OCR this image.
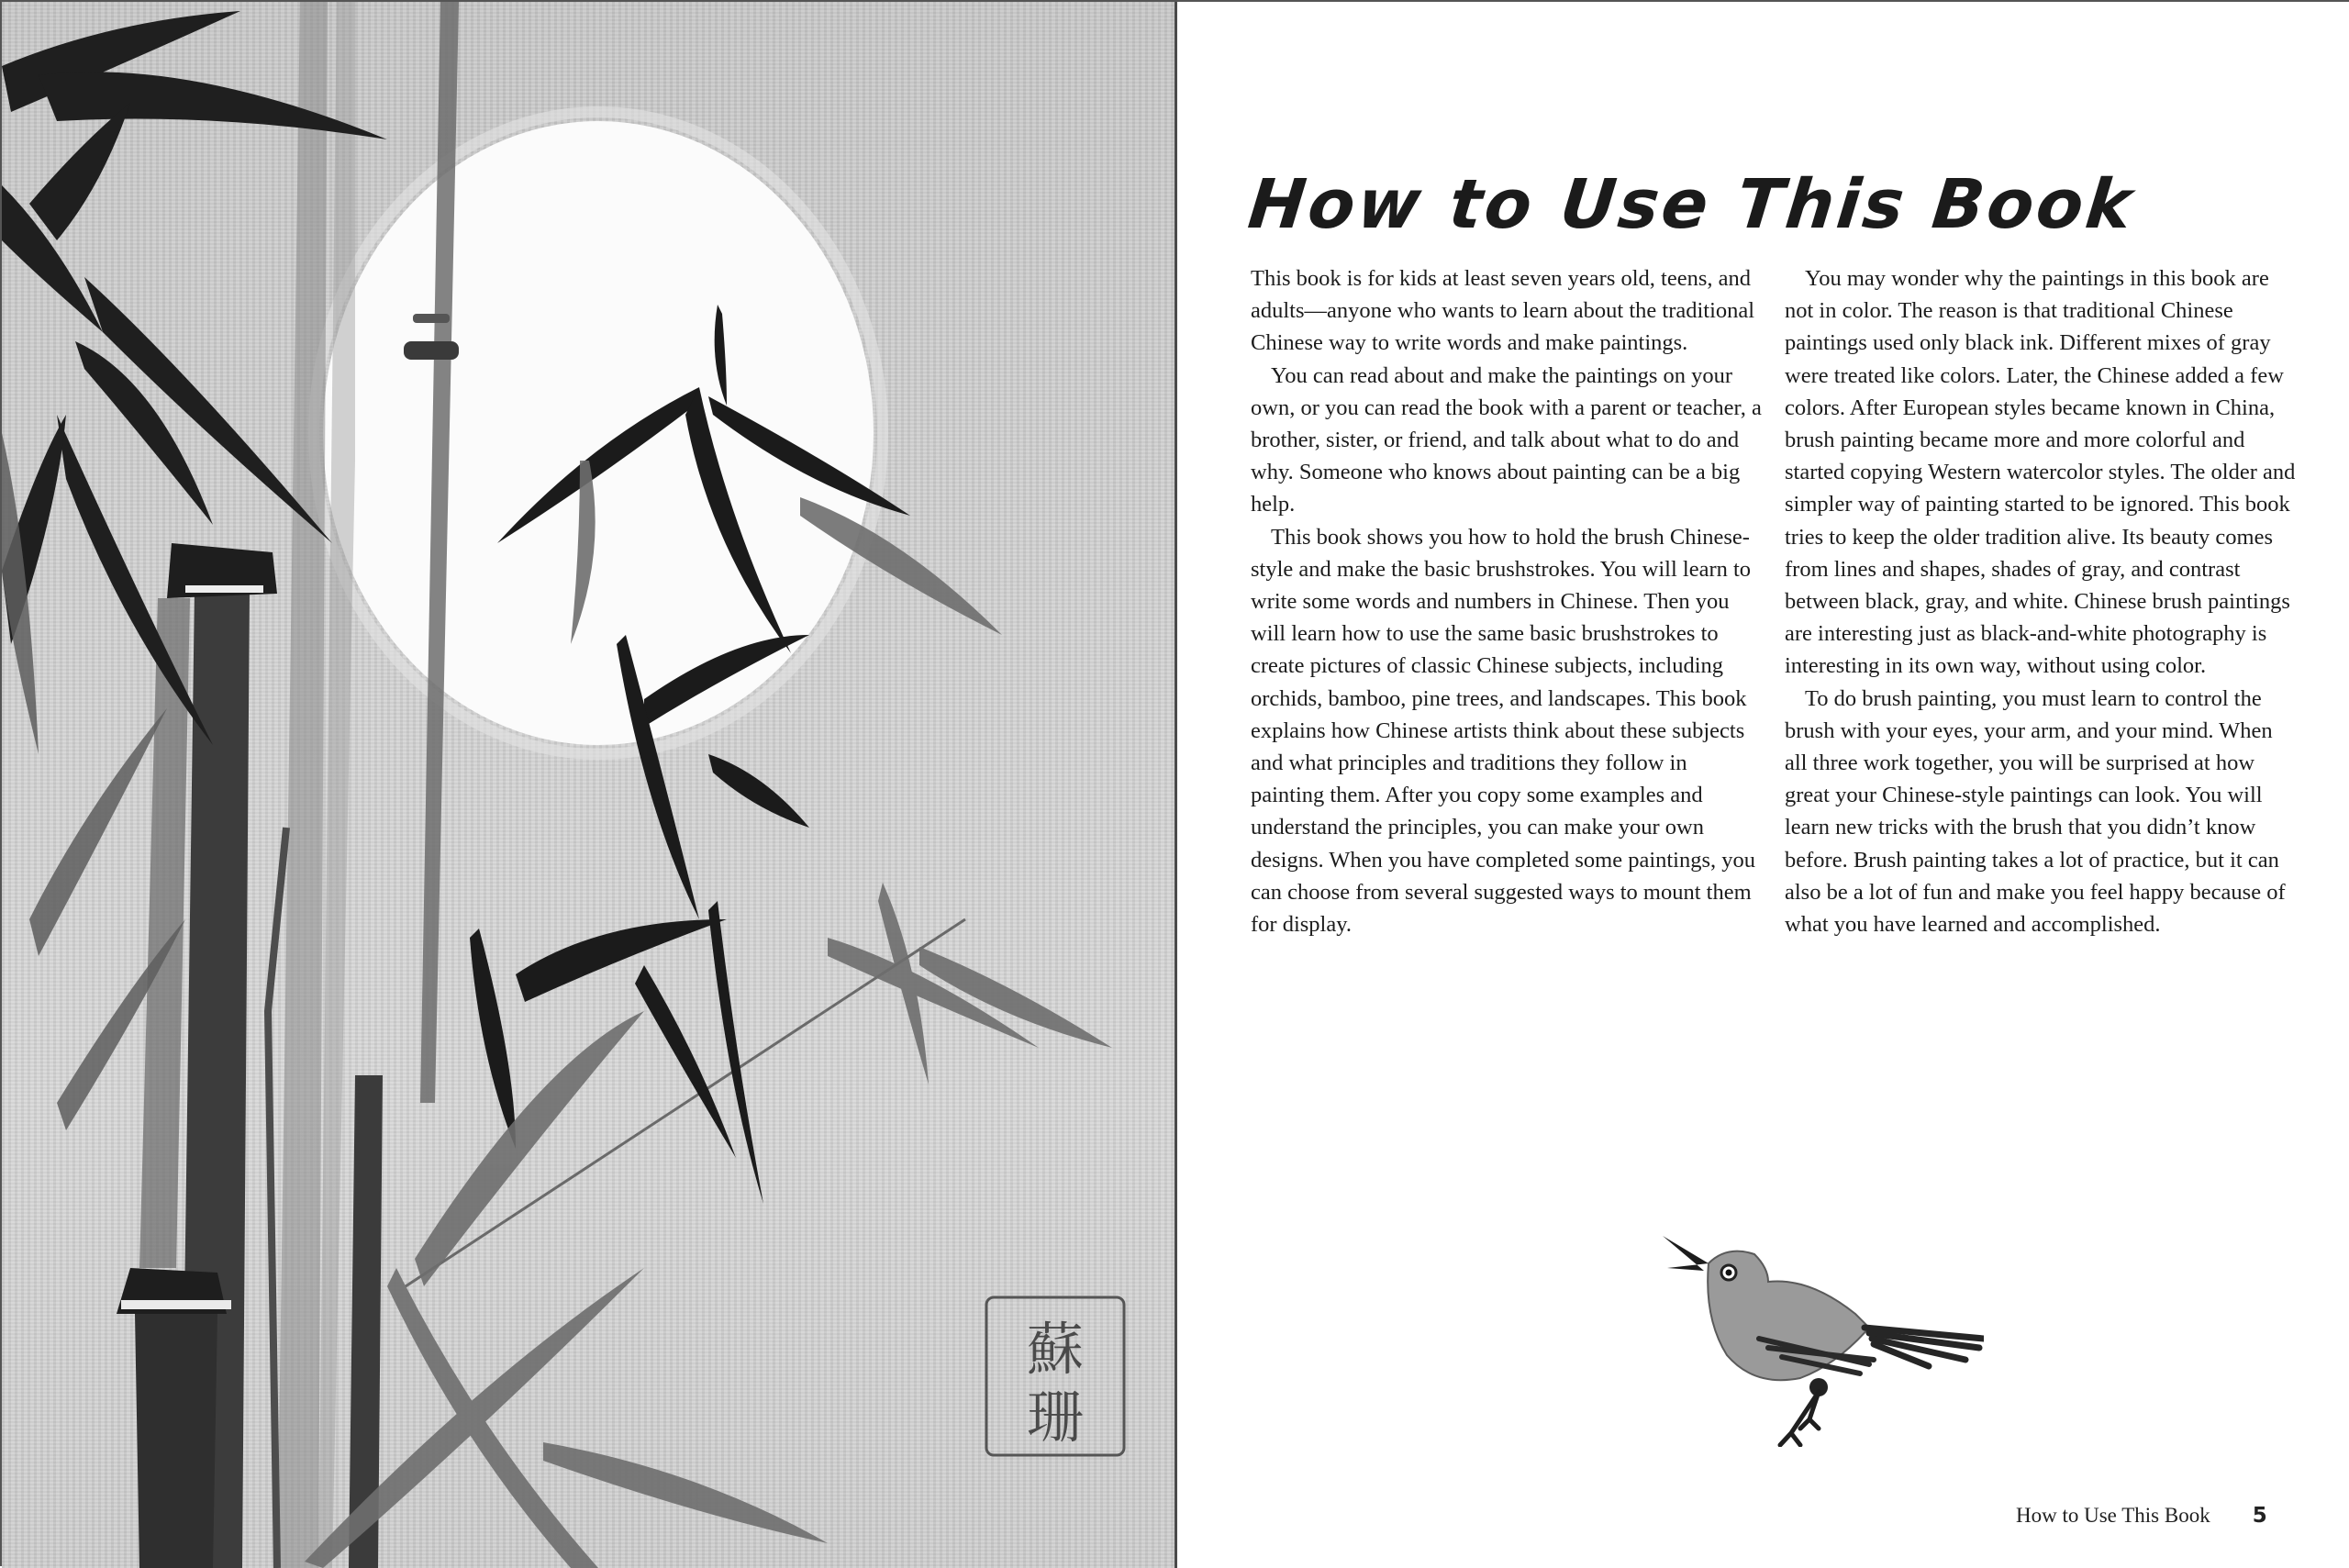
蘇
珊
How to Use This Book

This book is for kids at least seven years old, teens, and adults—anyone who wants to learn about the traditional Chinese way to write words and make paintings.

You can read about and make the paintings on your own, or you can read the book with a parent or teacher, a brother, sister, or friend, and talk about what to do and why. Someone who knows about painting can be a big help.

This book shows you how to hold the brush Chinese-style and make the basic brushstrokes. You will learn to write some words and numbers in Chinese. Then you will learn how to use the same basic brushstrokes to create pictures of classic Chinese subjects, including orchids, bamboo, pine trees, and landscapes. This book explains how Chinese artists think about these subjects and what principles and traditions they follow in painting them. After you copy some examples and understand the principles, you can make your own designs. When you have completed some paintings, you can choose from several suggested ways to mount them for display.

You may wonder why the paintings in this book are not in color. The reason is that traditional Chinese paintings used only black ink. Different mixes of gray were treated like colors. Later, the Chinese added a few colors. After European styles became known in China, brush painting became more and more colorful and started copying Western watercolor styles. The older and simpler way of painting started to be ignored. This book tries to keep the older tradition alive. Its beauty comes from lines and shapes, shades of gray, and contrast between black, gray, and white. Chinese brush paintings are interesting just as black-and-white photography is interesting in its own way, without using color.

To do brush painting, you must learn to control the brush with your eyes, your arm, and your mind. When all three work together, you will be surprised at how great your Chinese-style paintings can look. You will learn new tricks with the brush that you didn’t know before. Brush painting takes a lot of practice, but it can also be a lot of fun and make you feel happy because of what you have learned and accomplished.

How to Use This Book 5
